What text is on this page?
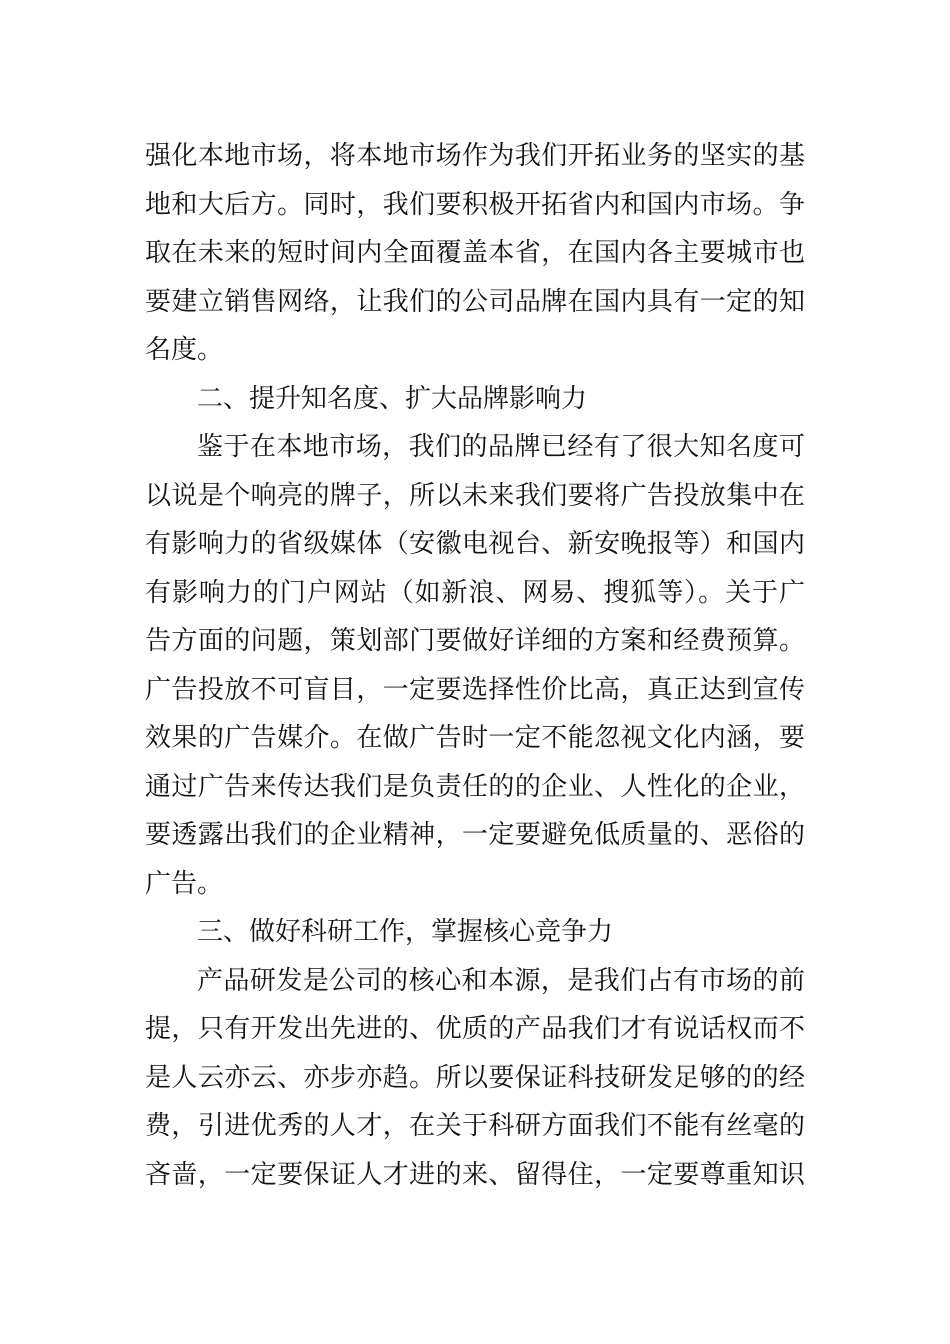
强化本地市场，将本地市场作为我们开拓业务的坚实的基
地和大后方。同时，我们要积极开拓省内和国内市场。争
取在未来的短时间内全面覆盖本省，在国内各主要城市也
要建立销售网络，让我们的公司品牌在国内具有一定的知
名度。
二、提升知名度、扩大品牌影响力
鉴于在本地市场，我们的品牌已经有了很大知名度可
以说是个响亮的牌子，所以未来我们要将广告投放集中在
有影响力的省级媒体（安徽电视台、新安晚报等）和国内
有影响力的门户网站（如新浪、网易、搜狐等）。关于广
告方面的问题，策划部门要做好详细的方案和经费预算。
广告投放不可盲目，一定要选择性价比高，真正达到宣传
效果的广告媒介。在做广告时一定不能忽视文化内涵，要
通过广告来传达我们是负责任的的企业、人性化的企业，
要透露出我们的企业精神，一定要避免低质量的、恶俗的
广告。
三、做好科研工作，掌握核心竞争力
产品研发是公司的核心和本源，是我们占有市场的前
提，只有开发出先进的、优质的产品我们才有说话权而不
是人云亦云、亦步亦趋。所以要保证科技研发足够的的经
费，引进优秀的人才，在关于科研方面我们不能有丝毫的
吝啬，一定要保证人才进的来、留得住，一定要尊重知识
